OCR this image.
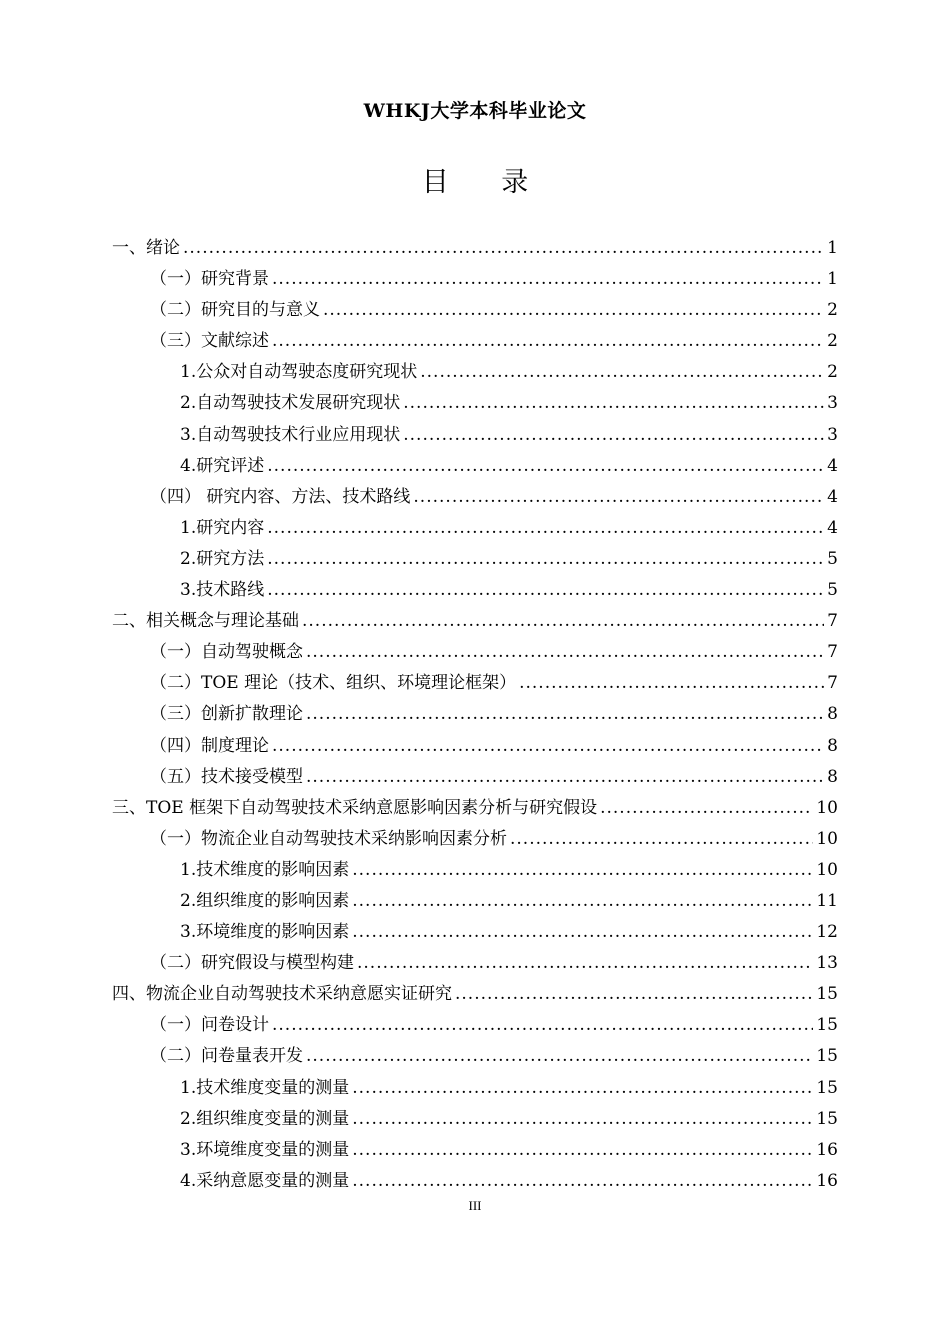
WHKJ大学本科毕业论文
目 录
一、绪论 .....	1
（一）研究背景 .....	1
（二）研究目的与意义 .....	2
（三）文献综述 .....	2
1.公众对自动驾驶态度研究现状 .....	2
2.自动驾驶技术发展研究现状 .....	3
3.自动驾驶技术行业应用现状 .....	3
4.研究评述 .....	4
（四） 研究内容、方法、技术路线 .....	4
1.研究内容 .....	4
2.研究方法 .....	5
3.技术路线 .....	5
二、相关概念与理论基础 .....	7
（一）自动驾驶概念 .....	7
（二）TOE 理论（技术、组织、环境理论框架） .....	7
（三）创新扩散理论 .....	8
（四）制度理论 .....	8
（五）技术接受模型 .....	8
三、TOE 框架下自动驾驶技术采纳意愿影响因素分析与研究假设 .....	10
（一）物流企业自动驾驶技术采纳影响因素分析 .....	10
1.技术维度的影响因素 .....	10
2.组织维度的影响因素 .....	11
3.环境维度的影响因素 .....	12
（二）研究假设与模型构建 .....	13
四、物流企业自动驾驶技术采纳意愿实证研究 .....	15
（一）问卷设计 .....	15
（二）问卷量表开发 .....	15
1.技术维度变量的测量 .....	15
2.组织维度变量的测量 .....	15
3.环境维度变量的测量 .....	16
4.采纳意愿变量的测量 .....	16
III
